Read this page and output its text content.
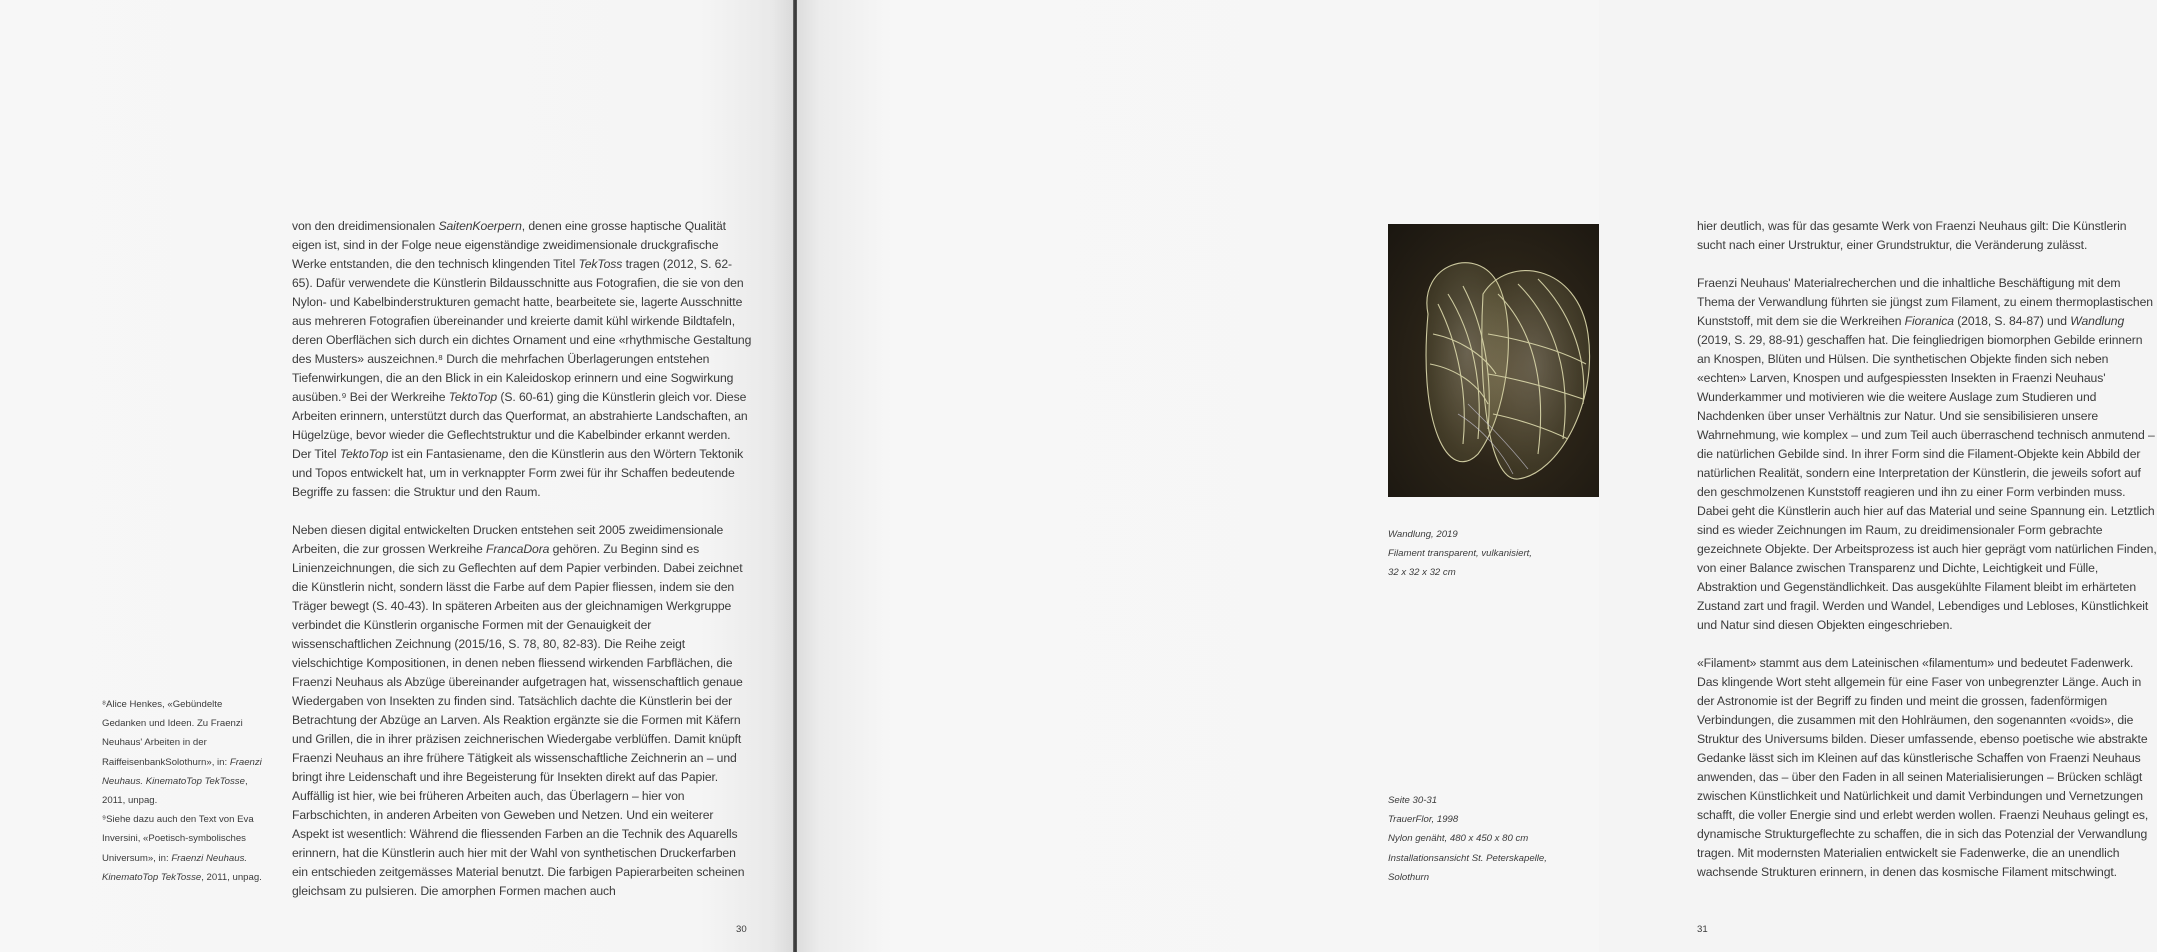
von den dreidimensionalen SaitenKoerpern, denen eine grosse haptische Qualität eigen ist, sind in der Folge neue eigenständige zweidimensionale druckgrafische Werke entstanden, die den technisch klingenden Titel TekToss tragen (2012, S. 62-65). Dafür verwendete die Künstlerin Bildausschnitte aus Fotografien, die sie von den Nylon- und Kabelbinderstrukturen gemacht hatte, bearbeitete sie, lagerte Ausschnitte aus mehreren Fotografien übereinander und kreierte damit kühl wirkende Bildtafeln, deren Oberflächen sich durch ein dichtes Ornament und eine «rhythmische Gestaltung des Musters» auszeichnen.⁸ Durch die mehrfachen Überlagerungen entstehen Tiefenwirkungen, die an den Blick in ein Kaleidoskop erinnern und eine Sogwirkung ausüben.⁹ Bei der Werkreihe TektoTop (S. 60-61) ging die Künstlerin gleich vor. Diese Arbeiten erinnern, unterstützt durch das Querformat, an abstrahierte Landschaften, an Hügelzüge, bevor wieder die Geflechtstruktur und die Kabelbinder erkannt werden. Der Titel TektoTop ist ein Fantasiename, den die Künstlerin aus den Wörtern Tektonik und Topos entwickelt hat, um in verknappter Form zwei für ihr Schaffen bedeutende Begriffe zu fassen: die Struktur und den Raum.

Neben diesen digital entwickelten Drucken entstehen seit 2005 zweidimensionale Arbeiten, die zur grossen Werkreihe FrancaDora gehören. Zu Beginn sind es Linienzeichnungen, die sich zu Geflechten auf dem Papier verbinden. Dabei zeichnet die Künstlerin nicht, sondern lässt die Farbe auf dem Papier fliessen, indem sie den Träger bewegt (S. 40-43). In späteren Arbeiten aus der gleichnamigen Werkgruppe verbindet die Künstlerin organische Formen mit der Genauigkeit der wissenschaftlichen Zeichnung (2015/16, S. 78, 80, 82-83). Die Reihe zeigt vielschichtige Kompositionen, in denen neben fliessend wirkenden Farbflächen, die Fraenzi Neuhaus als Abzüge übereinander aufgetragen hat, wissenschaftlich genaue Wiedergaben von Insekten zu finden sind. Tatsächlich dachte die Künstlerin bei der Betrachtung der Abzüge an Larven. Als Reaktion ergänzte sie die Formen mit Käfern und Grillen, die in ihrer präzisen zeichnerischen Wiedergabe verblüffen. Damit knüpft Fraenzi Neuhaus an ihre frühere Tätigkeit als wissenschaftliche Zeichnerin an – und bringt ihre Leidenschaft und ihre Begeisterung für Insekten direkt auf das Papier. Auffällig ist hier, wie bei früheren Arbeiten auch, das Überlagern – hier von Farbschichten, in anderen Arbeiten von Geweben und Netzen. Und ein weiterer Aspekt ist wesentlich: Während die fliessenden Farben an die Technik des Aquarells erinnern, hat die Künstlerin auch hier mit der Wahl von synthetischen Druckerfarben ein entschieden zeitgemässes Material benutzt. Die farbigen Papierarbeiten scheinen gleichsam zu pulsieren. Die amorphen Formen machen auch

⁸Alice Henkes, «Gebündelte Gedanken und Ideen. Zu Fraenzi Neuhaus' Arbeiten in der RaiffeisenbankSolothurn», in: Fraenzi Neuhaus. KinematoTop TekTosse, 2011, unpag.

⁹Siehe dazu auch den Text von Eva Inversini, «Poetisch-symbolisches Universum», in: Fraenzi Neuhaus. KinematoTop TekTosse, 2011, unpag.

30

hier deutlich, was für das gesamte Werk von Fraenzi Neuhaus gilt: Die Künstlerin sucht nach einer Urstruktur, einer Grundstruktur, die Veränderung zulässt.

Fraenzi Neuhaus' Materialrecherchen und die inhaltliche Beschäftigung mit dem Thema der Verwandlung führten sie jüngst zum Filament, zu einem thermoplastischen Kunststoff, mit dem sie die Werkreihen Fioranica (2018, S. 84-87) und Wandlung (2019, S. 29, 88-91) geschaffen hat. Die feingliedrigen biomorphen Gebilde erinnern an Knospen, Blüten und Hülsen. Die synthetischen Objekte finden sich neben «echten» Larven, Knospen und aufgespiessten Insekten in Fraenzi Neuhaus' Wunderkammer und motivieren wie die weitere Auslage zum Studieren und Nachdenken über unser Verhältnis zur Natur. Und sie sensibilisieren unsere Wahrnehmung, wie komplex – und zum Teil auch überraschend technisch anmutend – die natürlichen Gebilde sind. In ihrer Form sind die Filament-Objekte kein Abbild der natürlichen Realität, sondern eine Interpretation der Künstlerin, die jeweils sofort auf den geschmolzenen Kunststoff reagieren und ihn zu einer Form verbinden muss. Dabei geht die Künstlerin auch hier auf das Material und seine Spannung ein. Letztlich sind es wieder Zeichnungen im Raum, zu dreidimensionaler Form gebrachte gezeichnete Objekte. Der Arbeitsprozess ist auch hier geprägt vom natürlichen Finden, von einer Balance zwischen Transparenz und Dichte, Leichtigkeit und Fülle, Abstraktion und Gegenständlichkeit. Das ausgekühlte Filament bleibt im erhärteten Zustand zart und fragil. Werden und Wandel, Lebendiges und Lebloses, Künstlichkeit und Natur sind diesen Objekten eingeschrieben.

«Filament» stammt aus dem Lateinischen «filamentum» und bedeutet Fadenwerk. Das klingende Wort steht allgemein für eine Faser von unbegrenzter Länge. Auch in der Astronomie ist der Begriff zu finden und meint die grossen, fadenförmigen Verbindungen, die zusammen mit den Hohlräumen, den sogenannten «voids», die Struktur des Universums bilden. Dieser umfassende, ebenso poetische wie abstrakte Gedanke lässt sich im Kleinen auf das künstlerische Schaffen von Fraenzi Neuhaus anwenden, das – über den Faden in all seinen Materialisierungen – Brücken schlägt zwischen Künstlichkeit und Natürlichkeit und damit Verbindungen und Vernetzungen schafft, die voller Energie sind und erlebt werden wollen. Fraenzi Neuhaus gelingt es, dynamische Strukturgeflechte zu schaffen, die in sich das Potenzial der Verwandlung tragen. Mit modernsten Materialien entwickelt sie Fadenwerke, die an unendlich wachsende Strukturen erinnern, in denen das kosmische Filament mitschwingt.

31

Wandlung, 2019

Filament transparent, vulkanisiert,

32 x 32 x 32 cm

Seite 30-31

TrauerFlor, 1998

Nylon genäht, 480 x 450 x 80 cm

Installationsansicht St. Peterskapelle,

Solothurn
